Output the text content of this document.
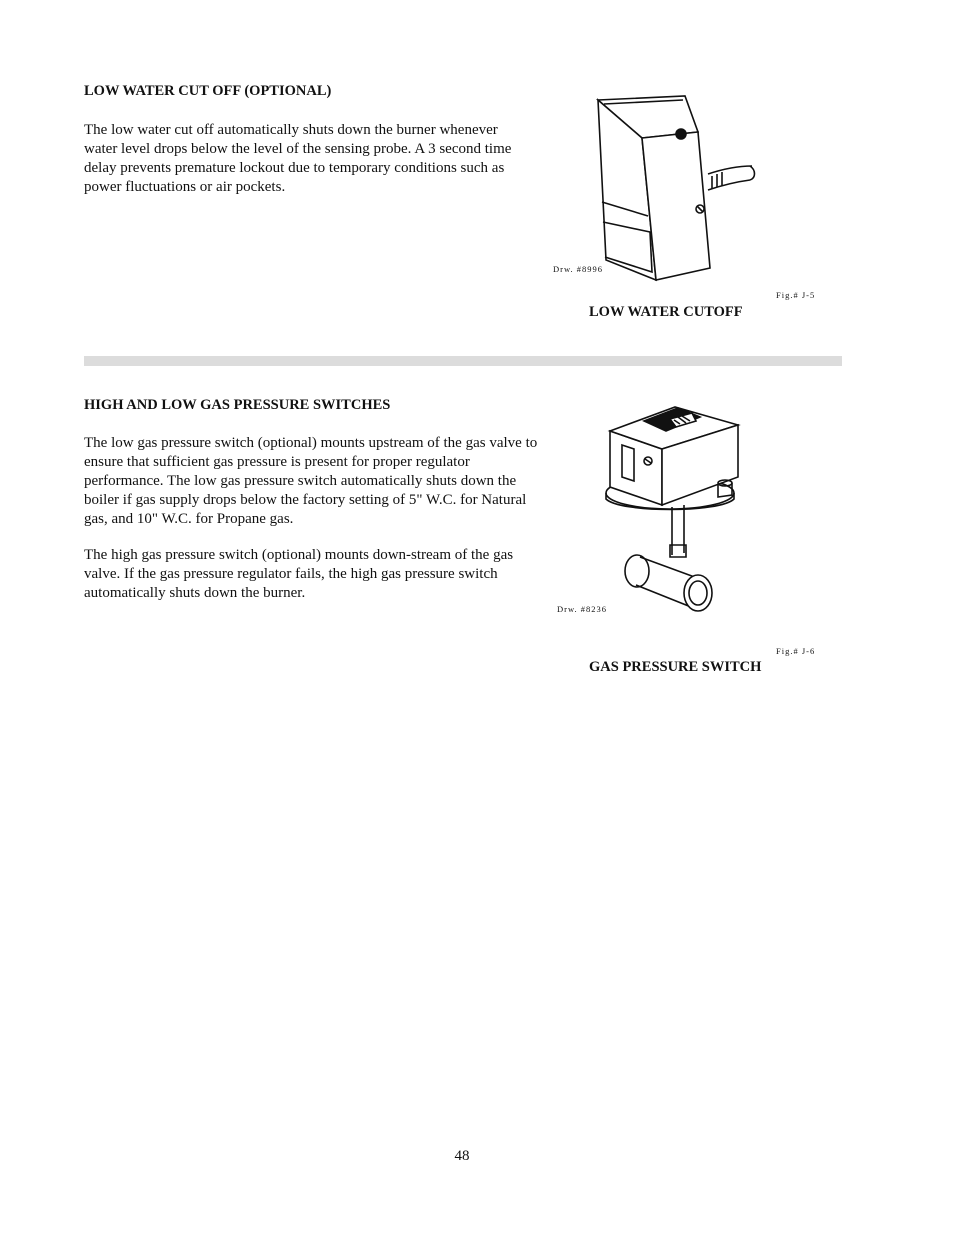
LOW WATER CUT OFF (OPTIONAL)

The low water cut off automatically shuts down the burner whenever water level drops below the level of the sensing probe. A 3 second time delay prevents premature lockout due to temporary conditions such as power fluctuations or air pockets.

Drw. #8996
Fig.# J-5
LOW WATER CUTOFF
HIGH AND LOW GAS PRESSURE SWITCHES

The low gas pressure switch (optional) mounts upstream of the gas valve to ensure that sufficient gas pressure is present for proper regulator performance. The low gas pressure switch automatically shuts down the boiler if gas supply drops below the factory setting of 5" W.C. for Natural gas, and 10" W.C. for Propane gas.

The high gas pressure switch (optional) mounts down-stream of the gas valve. If the gas pressure regulator fails, the high gas pressure switch automatically shuts down the burner.

Drw. #8236
Fig.# J-6
GAS PRESSURE SWITCH
48
